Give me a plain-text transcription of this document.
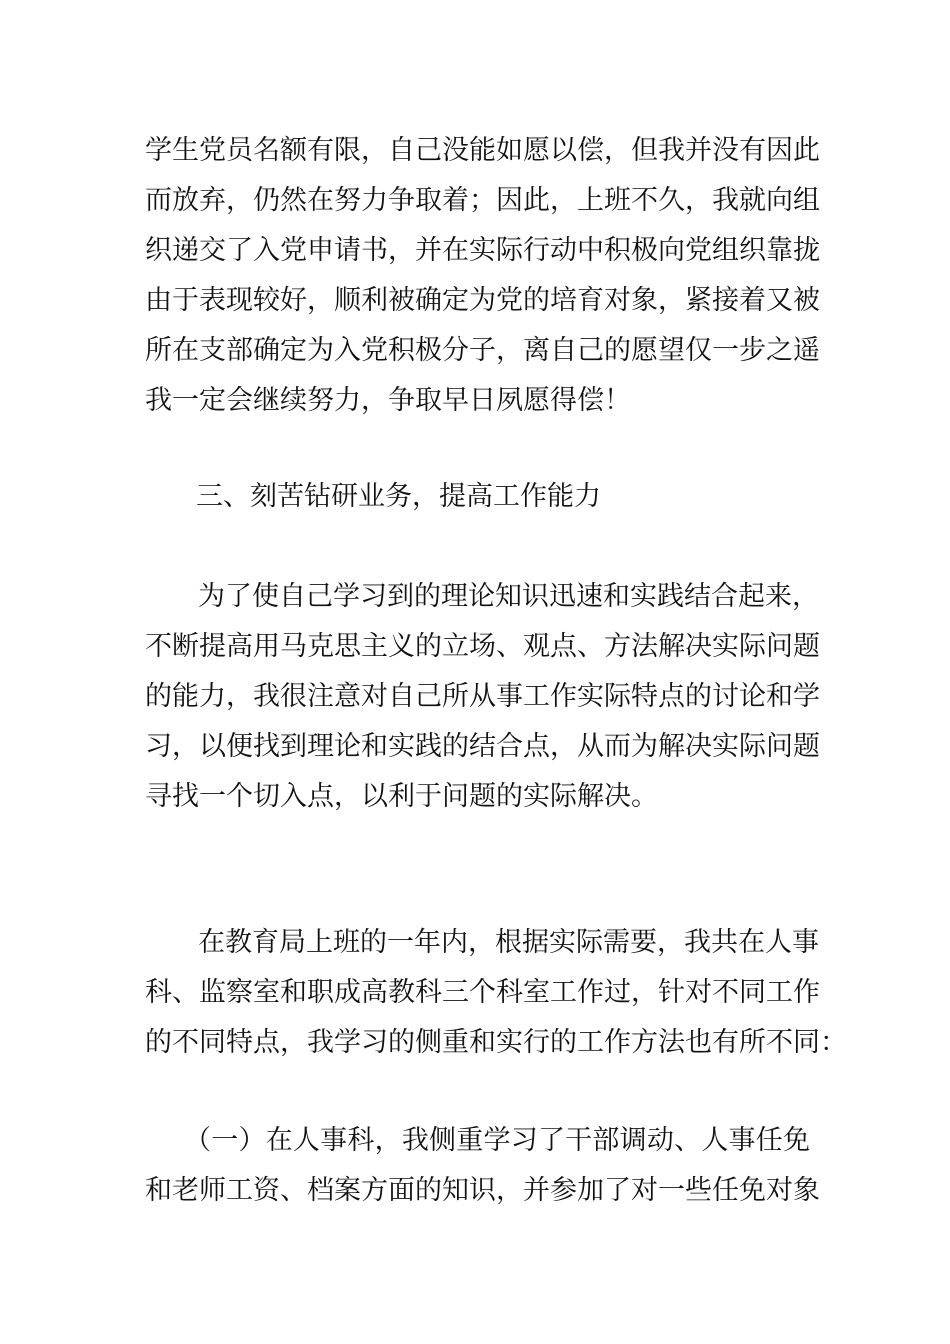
学生党员名额有限，自己没能如愿以偿，但我并没有因此
而放弃，仍然在努力争取着；因此，上班不久，我就向组
织递交了入党申请书，并在实际行动中积极向党组织靠拢
由于表现较好，顺利被确定为党的培育对象，紧接着又被
所在支部确定为入党积极分子，离自己的愿望仅一步之遥
我一定会继续努力，争取早日夙愿得偿！
三、刻苦钻研业务，提高工作能力
为了使自己学习到的理论知识迅速和实践结合起来，
不断提高用马克思主义的立场、观点、方法解决实际问题
的能力，我很注意对自己所从事工作实际特点的讨论和学
习，以便找到理论和实践的结合点，从而为解决实际问题
寻找一个切入点，以利于问题的实际解决。
在教育局上班的一年内，根据实际需要，我共在人事
科、监察室和职成高教科三个科室工作过，针对不同工作
的不同特点，我学习的侧重和实行的工作方法也有所不同：
（一）在人事科，我侧重学习了干部调动、人事任免
和老师工资、档案方面的知识，并参加了对一些任免对象
